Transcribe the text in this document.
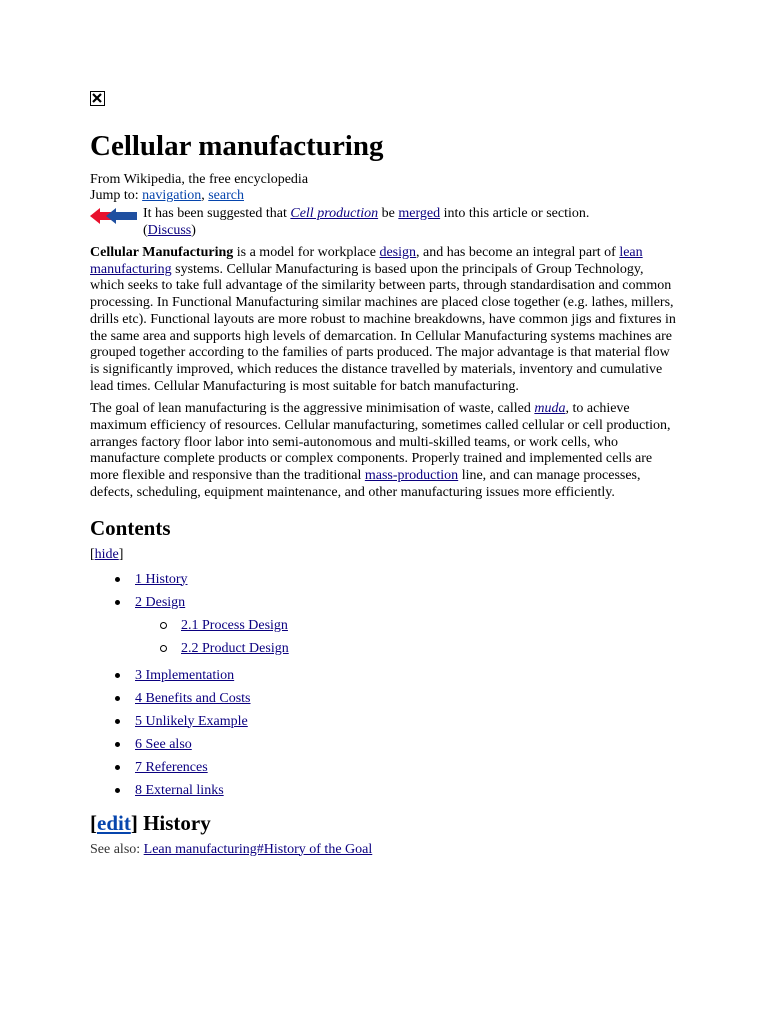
Cellular manufacturing
From Wikipedia, the free encyclopedia
Jump to: navigation, search
It has been suggested that Cell production be merged into this article or section.
(Discuss)

Cellular Manufacturing is a model for workplace design, and has become an integral part of lean manufacturing systems. Cellular Manufacturing is based upon the principals of Group Technology, which seeks to take full advantage of the similarity between parts, through standardisation and common processing. In Functional Manufacturing similar machines are placed close together (e.g. lathes, millers, drills etc). Functional layouts are more robust to machine breakdowns, have common jigs and fixtures in the same area and supports high levels of demarcation. In Cellular Manufacturing systems machines are grouped together according to the families of parts produced. The major advantage is that material flow is significantly improved, which reduces the distance travelled by materials, inventory and cumulative lead times. Cellular Manufacturing is most suitable for batch manufacturing.

The goal of lean manufacturing is the aggressive minimisation of waste, called muda, to achieve maximum efficiency of resources. Cellular manufacturing, sometimes called cellular or cell production, arranges factory floor labor into semi-autonomous and multi-skilled teams, or work cells, who manufacture complete products or complex components. Properly trained and implemented cells are more flexible and responsive than the traditional mass-production line, and can manage processes, defects, scheduling, equipment maintenance, and other manufacturing issues more efficiently.

Contents
[hide]
1 History
2 Design
2.1 Process Design
2.2 Product Design
3 Implementation
4 Benefits and Costs
5 Unlikely Example
6 See also
7 References
8 External links
[edit] History
See also: Lean manufacturing#History of the Goal
